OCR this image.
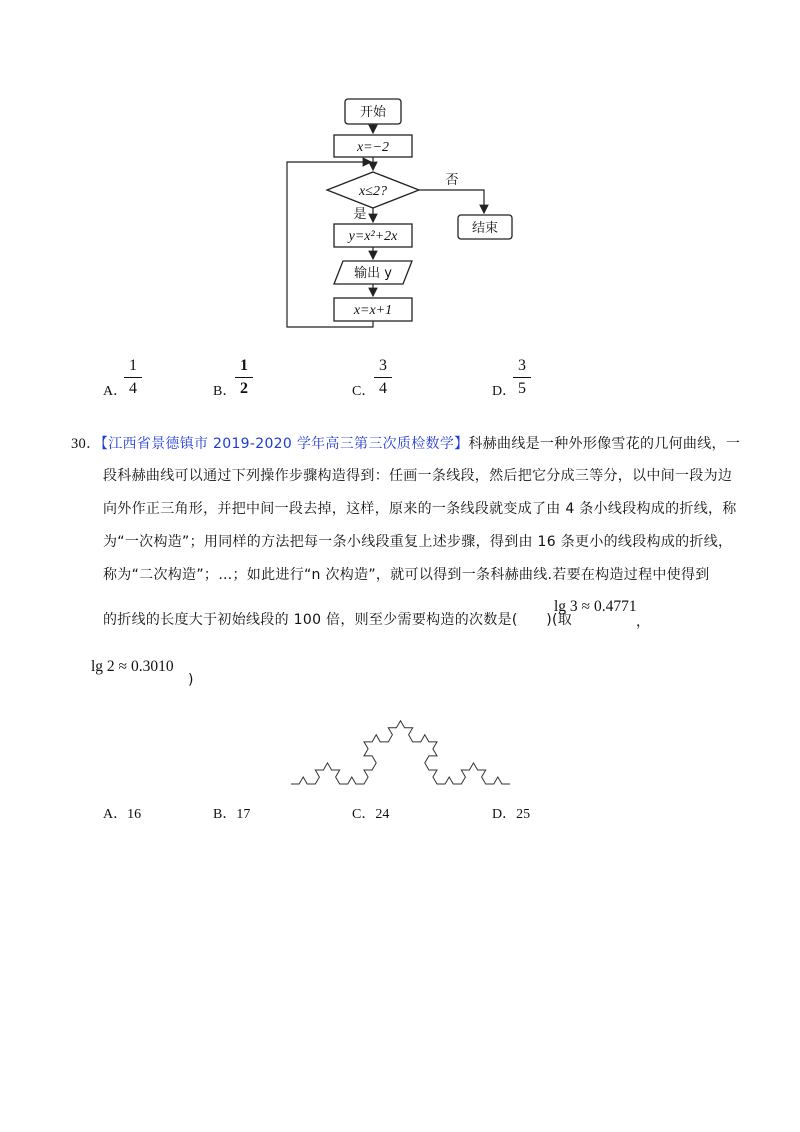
开始
x=−2
x≤2?
否
结束
是
y=x²+2x
输出 y
x=x+1
A．
1
4	B．
1
2	C．
3
4	D．
3
5
30．【江西省景德镇市 2019-2020 学年高三第三次质检数学】科赫曲线是一种外形像雪花的几何曲线，一
段科赫曲线可以通过下列操作步骤构造得到：任画一条线段，然后把它分成三等分，以中间一段为边
向外作正三角形，并把中间一段去掉，这样，原来的一条线段就变成了由 4 条小线段构成的折线，称
为“一次构造”；用同样的方法把每一条小线段重复上述步骤，得到由 16 条更小的线段构成的折线，
称为“二次构造”；…；如此进行“n 次构造”，就可以得到一条科赫曲线.若要在构造过程中使得到
的折线的长度大于初始线段的 100 倍，则至少需要构造的次数是(　　)(取
lg 3 ≈ 0.4771
，
lg 2 ≈ 0.3010
)
A．16	B．17	C．24	D．25
